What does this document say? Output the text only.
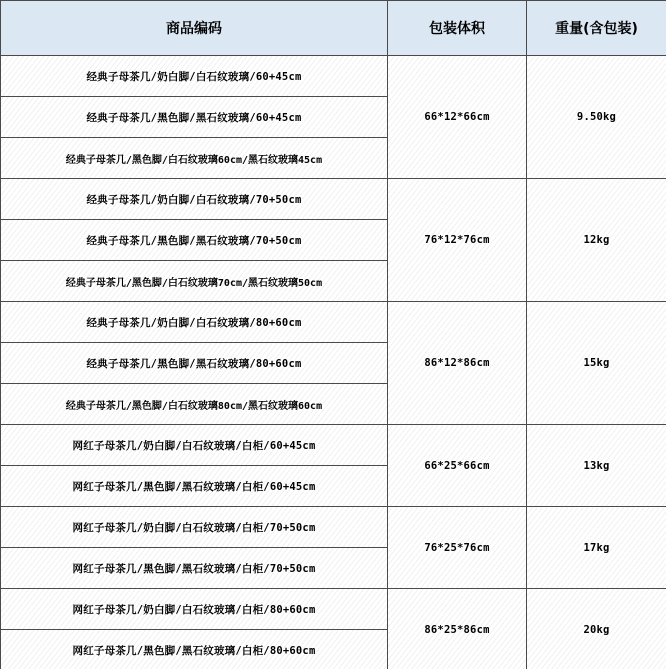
商品编码	包装体积	重量(含包装)
经典子母茶几/奶白脚/白石纹玻璃/60+45cm	66*12*66cm	9.50kg
经典子母茶几/黑色脚/黑石纹玻璃/60+45cm		
经典子母茶几/黑色脚/白石纹玻璃60cm/黑石纹玻璃45cm		
经典子母茶几/奶白脚/白石纹玻璃/70+50cm	76*12*76cm	12kg
经典子母茶几/黑色脚/黑石纹玻璃/70+50cm		
经典子母茶几/黑色脚/白石纹玻璃70cm/黑石纹玻璃50cm		
经典子母茶几/奶白脚/白石纹玻璃/80+60cm	86*12*86cm	15kg
经典子母茶几/黑色脚/黑石纹玻璃/80+60cm		
经典子母茶几/黑色脚/白石纹玻璃80cm/黑石纹玻璃60cm		
网红子母茶几/奶白脚/白石纹玻璃/白柜/60+45cm	66*25*66cm	13kg
网红子母茶几/黑色脚/黑石纹玻璃/白柜/60+45cm		
网红子母茶几/奶白脚/白石纹玻璃/白柜/70+50cm	76*25*76cm	17kg
网红子母茶几/黑色脚/黑石纹玻璃/白柜/70+50cm		
网红子母茶几/奶白脚/白石纹玻璃/白柜/80+60cm	86*25*86cm	20kg
网红子母茶几/黑色脚/黑石纹玻璃/白柜/80+60cm		
